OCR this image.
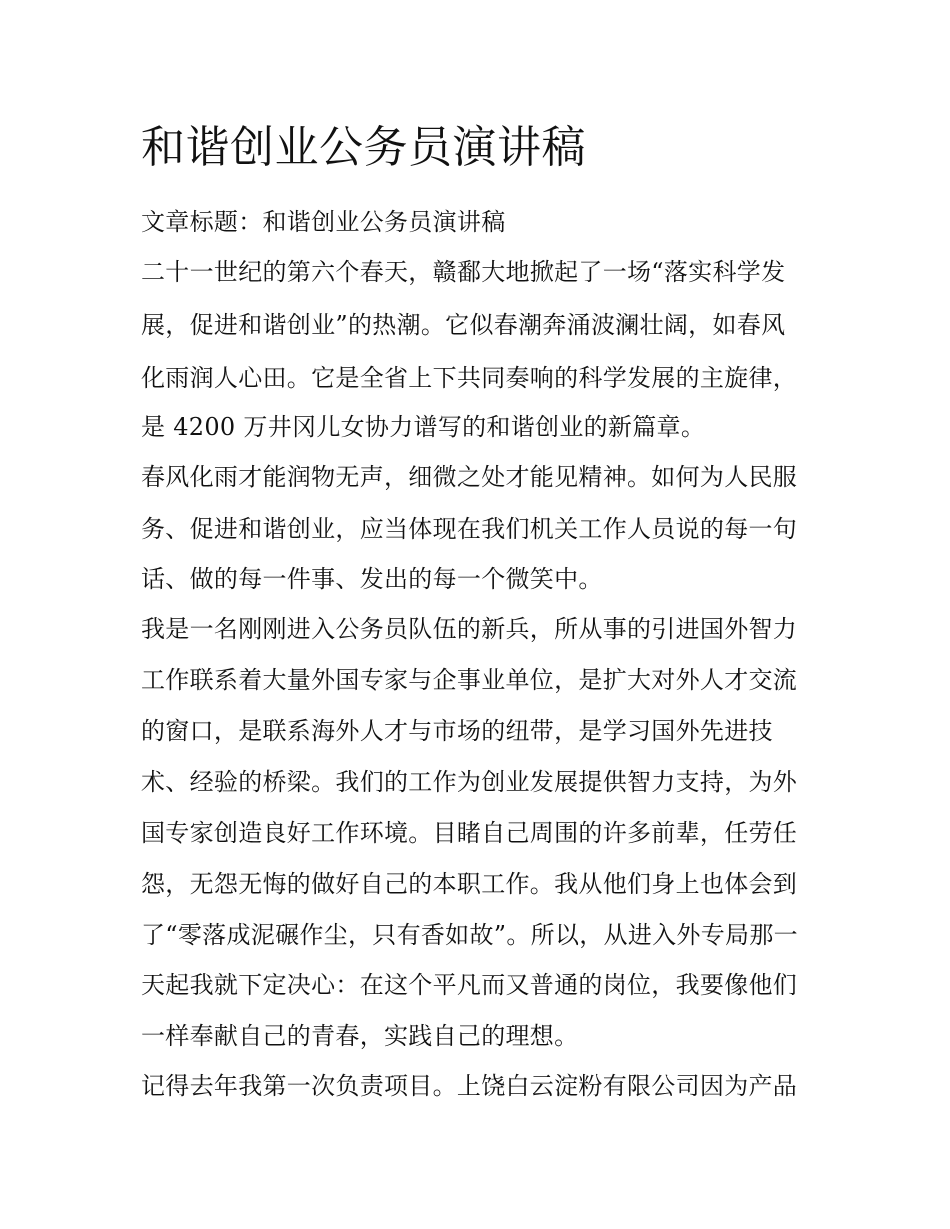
和谐创业公务员演讲稿

文章标题：和谐创业公务员演讲稿

二十一世纪的第六个春天，赣鄱大地掀起了一场“落实科学发

展，促进和谐创业”的热潮。它似春潮奔涌波澜壮阔，如春风

化雨润人心田。它是全省上下共同奏响的科学发展的主旋律，

是 4200 万井冈儿女协力谱写的和谐创业的新篇章。

春风化雨才能润物无声，细微之处才能见精神。如何为人民服

务、促进和谐创业，应当体现在我们机关工作人员说的每一句

话、做的每一件事、发出的每一个微笑中。

我是一名刚刚进入公务员队伍的新兵，所从事的引进国外智力

工作联系着大量外国专家与企事业单位，是扩大对外人才交流

的窗口，是联系海外人才与市场的纽带，是学习国外先进技

术、经验的桥梁。我们的工作为创业发展提供智力支持，为外

国专家创造良好工作环境。目睹自己周围的许多前辈，任劳任

怨，无怨无悔的做好自己的本职工作。我从他们身上也体会到

了“零落成泥碾作尘，只有香如故”。所以，从进入外专局那一

天起我就下定决心：在这个平凡而又普通的岗位，我要像他们

一样奉献自己的青春，实践自己的理想。

记得去年我第一次负责项目。上饶白云淀粉有限公司因为产品
